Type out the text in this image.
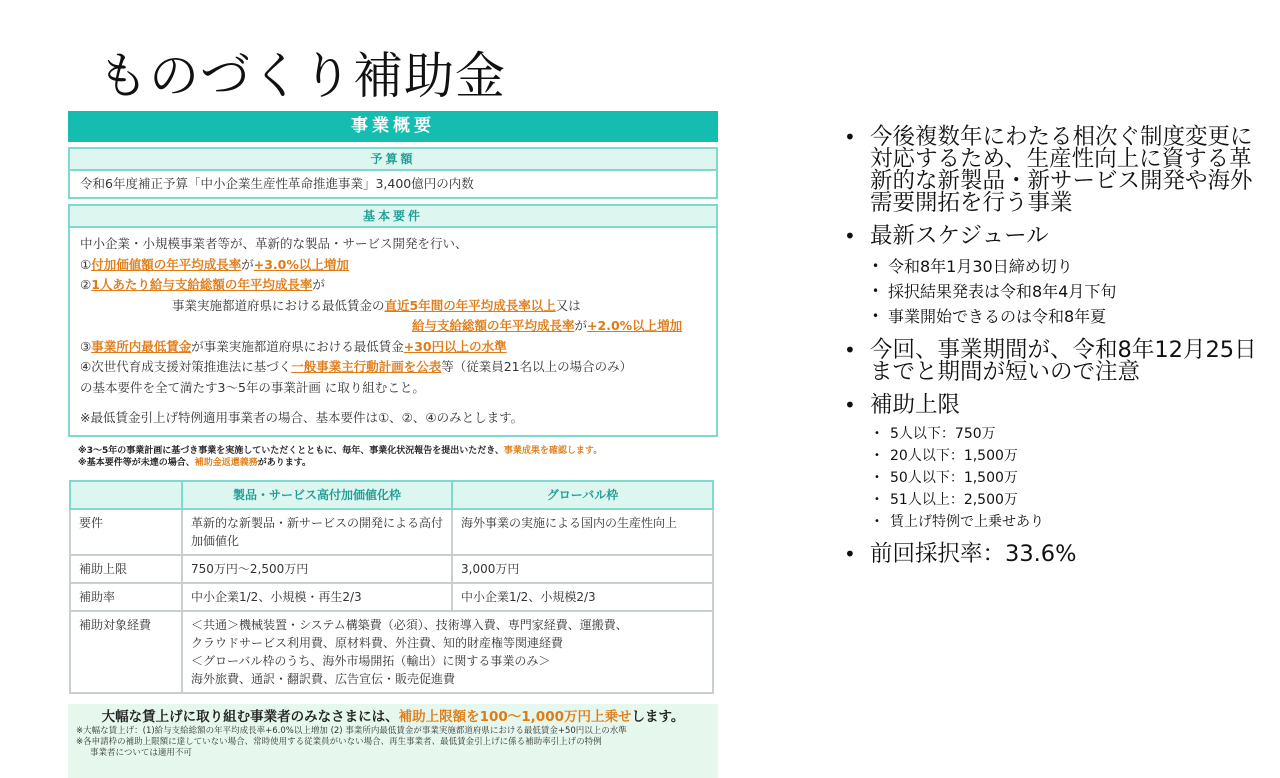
ものづくり補助金
事業概要
予算額
令和6年度補正予算「中小企業生産性革命推進事業」3,400億円の内数
基本要件
中小企業・小規模事業者等が、革新的な製品・サービス開発を行い、
①付加価値額の年平均成長率が+3.0%以上増加
②1人あたり給与支給総額の年平均成長率が
事業実施都道府県における最低賃金の直近5年間の年平均成長率以上又は
給与支給総額の年平均成長率が+2.0%以上増加
③事業所内最低賃金が事業実施都道府県における最低賃金+30円以上の水準
④次世代育成支援対策推進法に基づく一般事業主行動計画を公表等（従業員21名以上の場合のみ）
の基本要件を全て満たす3～5年の事業計画 に取り組むこと。
※最低賃金引上げ特例適用事業者の場合、基本要件は①、②、④のみとします。
※3～5年の事業計画に基づき事業を実施していただくとともに、毎年、事業化状況報告を提出いただき、事業成果を確認します。
※基本要件等が未達の場合、補助金返還義務があります。
	製品・サービス高付加価値化枠	グローバル枠
要件	革新的な新製品・新サービスの開発による高付加価値化	海外事業の実施による国内の生産性向上
補助上限	750万円～2,500万円	3,000万円
補助率	中小企業1/2、小規模・再生2/3	中小企業1/2、小規模2/3
補助対象経費	＜共通＞機械装置・システム構築費（必須）、技術導入費、専門家経費、運搬費、
クラウドサービス利用費、原材料費、外注費、知的財産権等関連経費
＜グローバル枠のうち、海外市場開拓（輸出）に関する事業のみ＞
海外旅費、通訳・翻訳費、広告宣伝・販売促進費	
大幅な賃上げに取り組む事業者のみなさまには、補助上限額を100～1,000万円上乗せします。
※大幅な賃上げ：(1)給与支給総額の年平均成長率+6.0%以上増加 (2) 事業所内最低賃金が事業実施都道府県における最低賃金+50円以上の水準
※各申請枠の補助上限額に達していない場合、常時使用する従業員がいない場合、再生事業者、最低賃金引上げに係る補助率引上げの特例
事業者については適用不可
• 今後複数年にわたる相次ぐ制度変更に対応するため、生産性向上に資する革新的な新製品・新サービス開発や海外需要開拓を行う事業
• 最新スケジュール
• 令和8年1月30日締め切り
• 採択結果発表は令和8年4月下旬
• 事業開始できるのは令和8年夏
• 今回、事業期間が、令和8年12月25日までと期間が短いので注意
• 補助上限
• 5人以下：750万
• 20人以下：1,500万
• 50人以下：1,500万
• 51人以上：2,500万
• 賃上げ特例で上乗せあり
• 前回採択率：33.6%
